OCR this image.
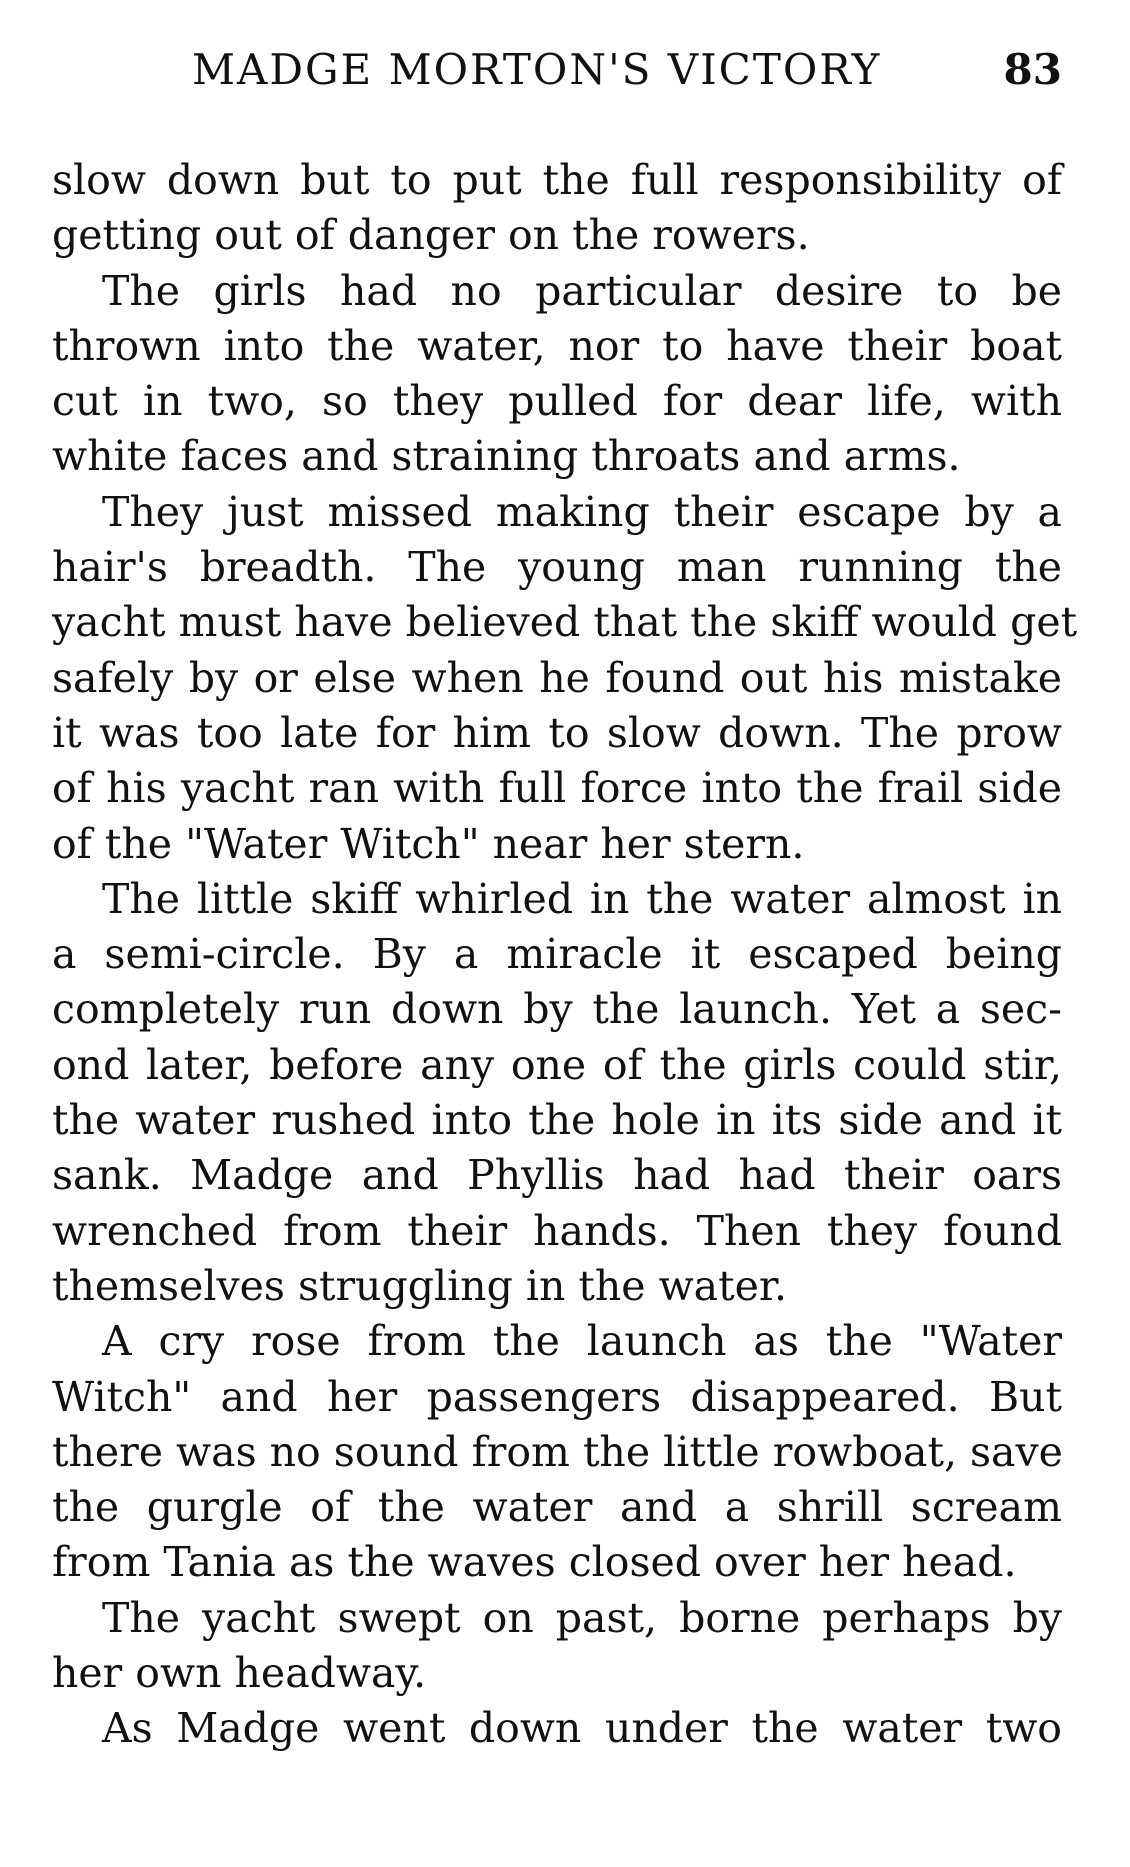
MADGE MORTON'S VICTORY	83
slow down but to put the full responsibility of
getting out of danger on the rowers.
The girls had no particular desire to be
thrown into the water, nor to have their boat
cut in two, so they pulled for dear life, with
white faces and straining throats and arms.
They just missed making their escape by a
hair's breadth. The young man running the
yacht must have believed that the skiff would get
safely by or else when he found out his mistake
it was too late for him to slow down. The prow
of his yacht ran with full force into the frail side
of the "Water Witch" near her stern.
The little skiff whirled in the water almost in
a semi-circle. By a miracle it escaped being
completely run down by the launch. Yet a sec-
ond later, before any one of the girls could stir,
the water rushed into the hole in its side and it
sank. Madge and Phyllis had had their oars
wrenched from their hands. Then they found
themselves struggling in the water.
A cry rose from the launch as the "Water
Witch" and her passengers disappeared. But
there was no sound from the little rowboat, save
the gurgle of the water and a shrill scream
from Tania as the waves closed over her head.
The yacht swept on past, borne perhaps by
her own headway.
As Madge went down under the water two
